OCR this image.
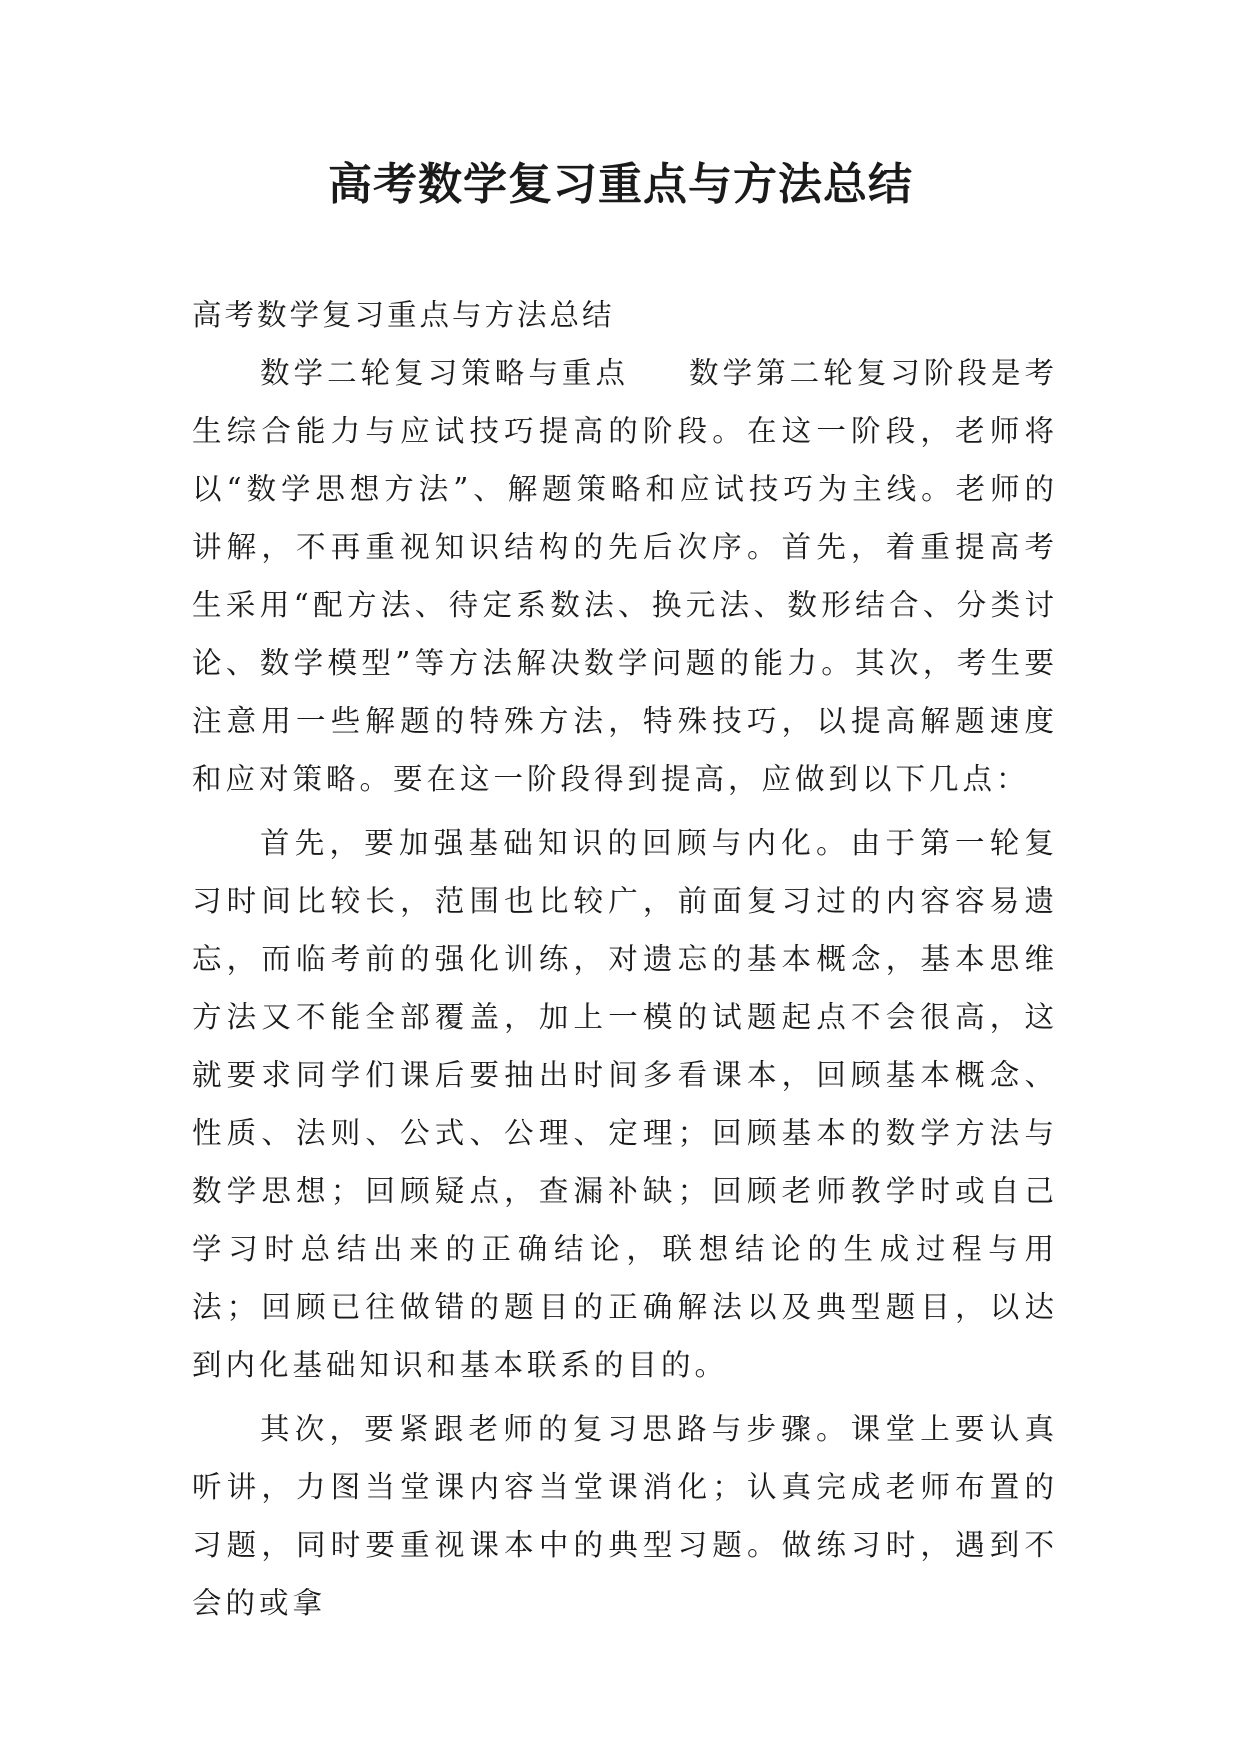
高考数学复习重点与方法总结

高考数学复习重点与方法总结

数学二轮复习策略与重点 数学第二轮复习阶段是考生综合能力与应试技巧提高的阶段。在这一阶段，老师将以“数学思想方法”、解题策略和应试技巧为主线。老师的讲解，不再重视知识结构的先后次序。首先，着重提高考生采用“配方法、待定系数法、换元法、数形结合、分类讨论、数学模型”等方法解决数学问题的能力。其次，考生要注意用一些解题的特殊方法，特殊技巧，以提高解题速度和应对策略。要在这一阶段得到提高，应做到以下几点：

首先，要加强基础知识的回顾与内化。由于第一轮复习时间比较长，范围也比较广，前面复习过的内容容易遗忘，而临考前的强化训练，对遗忘的基本概念，基本思维方法又不能全部覆盖，加上一模的试题起点不会很高，这就要求同学们课后要抽出时间多看课本，回顾基本概念、性质、法则、公式、公理、定理；回顾基本的数学方法与数学思想；回顾疑点，查漏补缺；回顾老师教学时或自己学习时总结出来的正确结论，联想结论的生成过程与用法；回顾已往做错的题目的正确解法以及典型题目，以达到内化基础知识和基本联系的目的。

其次，要紧跟老师的复习思路与步骤。课堂上要认真听讲，力图当堂课内容当堂课消化；认真完成老师布置的习题，同时要重视课本中的典型习题。做练习时，遇到不会的或拿
